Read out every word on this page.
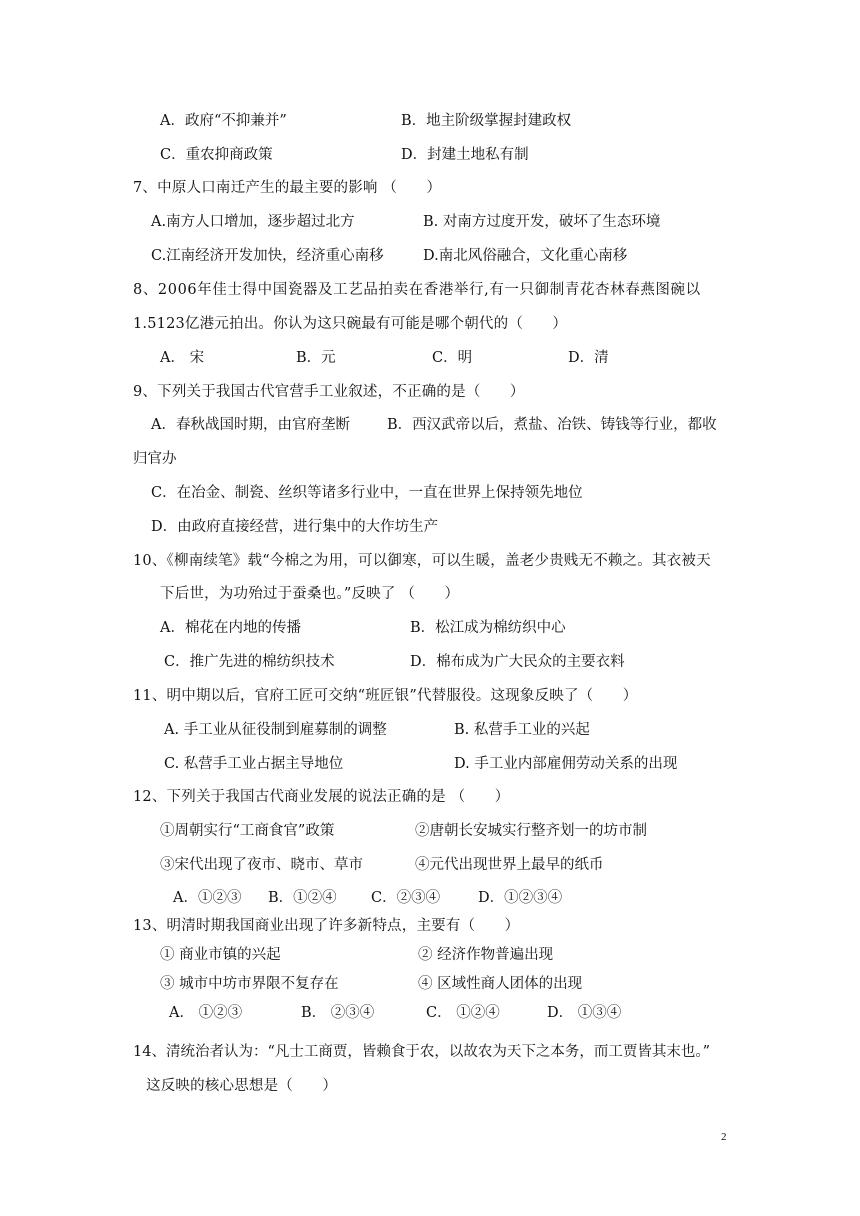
A．政府“不抑兼并”	B．地主阶级掌握封建政权
C．重农抑商政策	D．封建土地私有制
7、中原人口南迁产生的最主要的影响 （　　）
A.南方人口增加，逐步超过北方	B. 对南方过度开发，破坏了生态环境
C.江南经济开发加快，经济重心南移	D.南北风俗融合，文化重心南移
8、2006年佳士得中国瓷器及工艺品拍卖在香港举行,有一只御制青花杏林春燕图碗以
1.5123亿港元拍出。你认为这只碗最有可能是哪个朝代的（　　）
A． 宋	B．元	C．明	D．清
9、下列关于我国古代官营手工业叙述，不正确的是（　　）
A．春秋战国时期，由官府垄断	B．西汉武帝以后，煮盐、冶铁、铸钱等行业，都收
归官办
C．在冶金、制瓷、丝织等诸多行业中，一直在世界上保持领先地位
D．由政府直接经营，进行集中的大作坊生产
10、《柳南续笔》载“今棉之为用，可以御寒，可以生暖，盖老少贵贱无不赖之。其衣被天
下后世，为功殆过于蚕桑也。”反映了 （　　）
A．棉花在内地的传播	B．松江成为棉纺织中心
C．推广先进的棉纺织技术	D．棉布成为广大民众的主要衣料
11、明中期以后，官府工匠可交纳“班匠银”代替服役。这现象反映了（　　）
A. 手工业从征役制到雇募制的调整	B. 私营手工业的兴起
C. 私营手工业占据主导地位	D. 手工业内部雇佣劳动关系的出现
12、下列关于我国古代商业发展的说法正确的是 （　　）
①周朝实行“工商食官”政策	②唐朝长安城实行整齐划一的坊市制
③宋代出现了夜市、晓市、草市	④元代出现世界上最早的纸币
A．①②③ B．①②④ C．②③④	D．①②③④
13、明清时期我国商业出现了许多新特点，主要有（　　）
① 商业市镇的兴起	② 经济作物普遍出现
③ 城市中坊市界限不复存在	④ 区域性商人团体的出现
A． ①②③	B． ②③④	C． ①②④	D． ①③④
14、清统治者认为：“凡士工商贾，皆赖食于农，以故农为天下之本务，而工贾皆其末也。”
这反映的核心思想是（　　）
2
